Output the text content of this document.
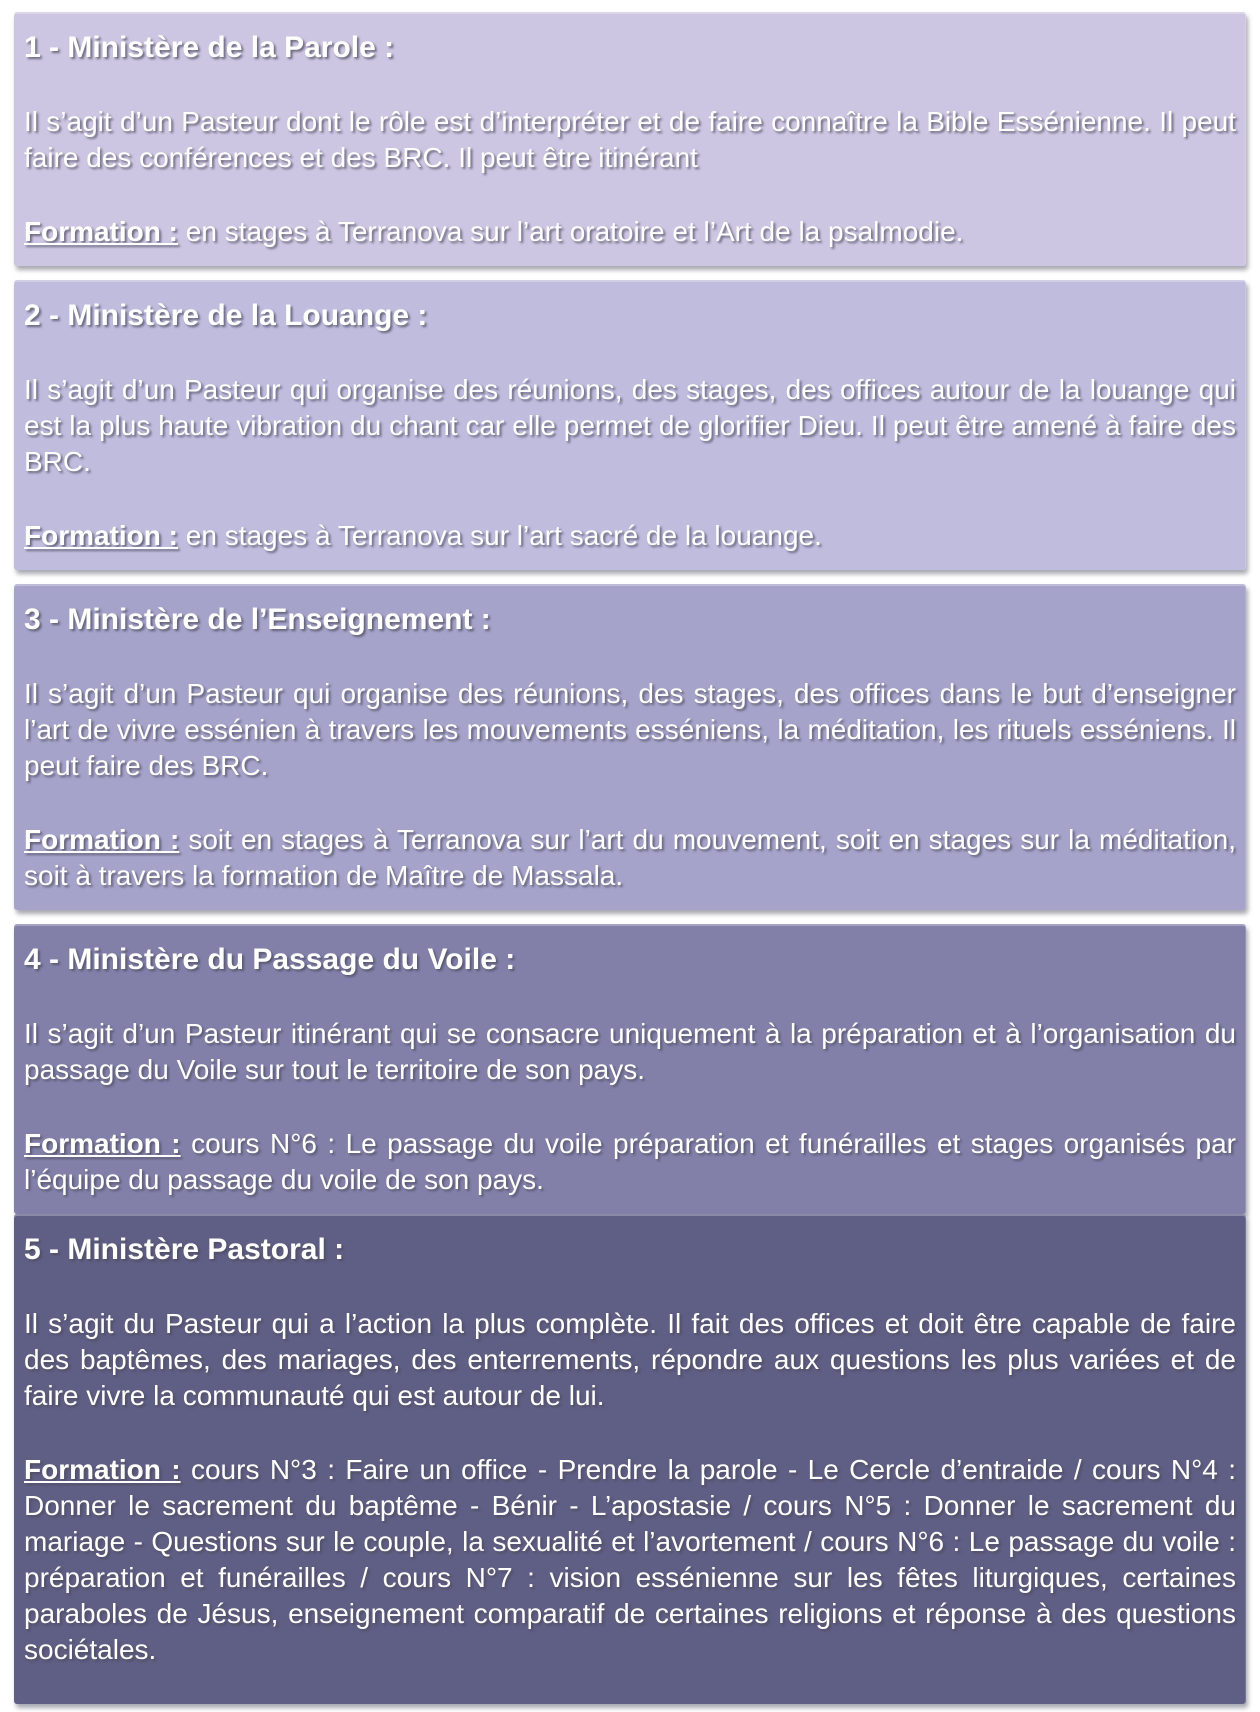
1 - Ministère de la Parole :

Il s’agit d’un Pasteur dont le rôle est d’interpréter et de faire connaître la Bible Essénienne. Il peut faire des conférences et des BRC. Il peut être itinérant

Formation : en stages à Terranova sur l’art oratoire et l’Art de la psalmodie.

2 - Ministère de la Louange :

Il s’agit d’un Pasteur qui organise des réunions, des stages, des offices autour de la louange qui est la plus haute vibration du chant car elle permet de glorifier Dieu. Il peut être amené à faire des BRC.

Formation : en stages à Terranova sur l’art sacré de la louange.

3 - Ministère de l’Enseignement :

Il s’agit d’un Pasteur qui organise des réunions, des stages, des offices dans le but d’enseigner l’art de vivre essénien à travers les mouvements esséniens, la méditation, les rituels esséniens. Il peut faire des BRC.

Formation : soit en stages à Terranova sur l’art du mouvement, soit en stages sur la méditation, soit à travers la formation de Maître de Massala.

4 - Ministère du Passage du Voile :

Il s’agit d’un Pasteur itinérant qui se consacre uniquement à la préparation et à l’organisation du passage du Voile sur tout le territoire de son pays.

Formation : cours N°6 : Le passage du voile préparation et funérailles et stages organisés par l’équipe du passage du voile de son pays.

5 - Ministère Pastoral :

Il s’agit du Pasteur qui a l’action la plus complète. Il fait des offices et doit être capable de faire des baptêmes, des mariages, des enterrements, répondre aux questions les plus variées et de faire vivre la communauté qui est autour de lui.

Formation : cours N°3 : Faire un office - Prendre la parole - Le Cercle d’entraide / cours N°4 : Donner le sacrement du baptême - Bénir - L’apostasie / cours N°5 : Donner le sacrement du mariage - Questions sur le couple, la sexualité et l’avortement / cours N°6 : Le passage du voile : préparation et funérailles / cours N°7 : vision essénienne sur les fêtes liturgiques, certaines paraboles de Jésus, enseignement comparatif de certaines religions et réponse à des questions sociétales.
